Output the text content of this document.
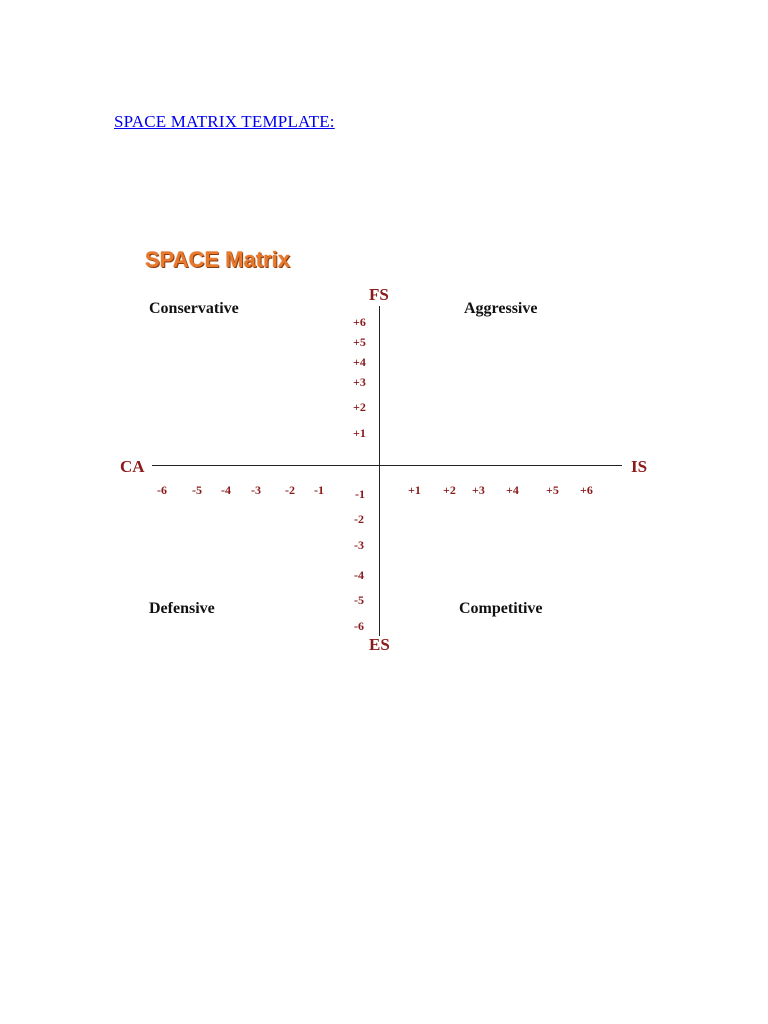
SPACE MATRIX TEMPLATE:
SPACE Matrix
FS
ES
CA	IS
Conservative	Aggressive
Defensive	Competitive
+6
+5
+4
+3
+2
+1
-1
-2
-3
-4
-5
-6
-6 -5 -4 -3 -2 -1	+1 +2 +3 +4 +5 +6
